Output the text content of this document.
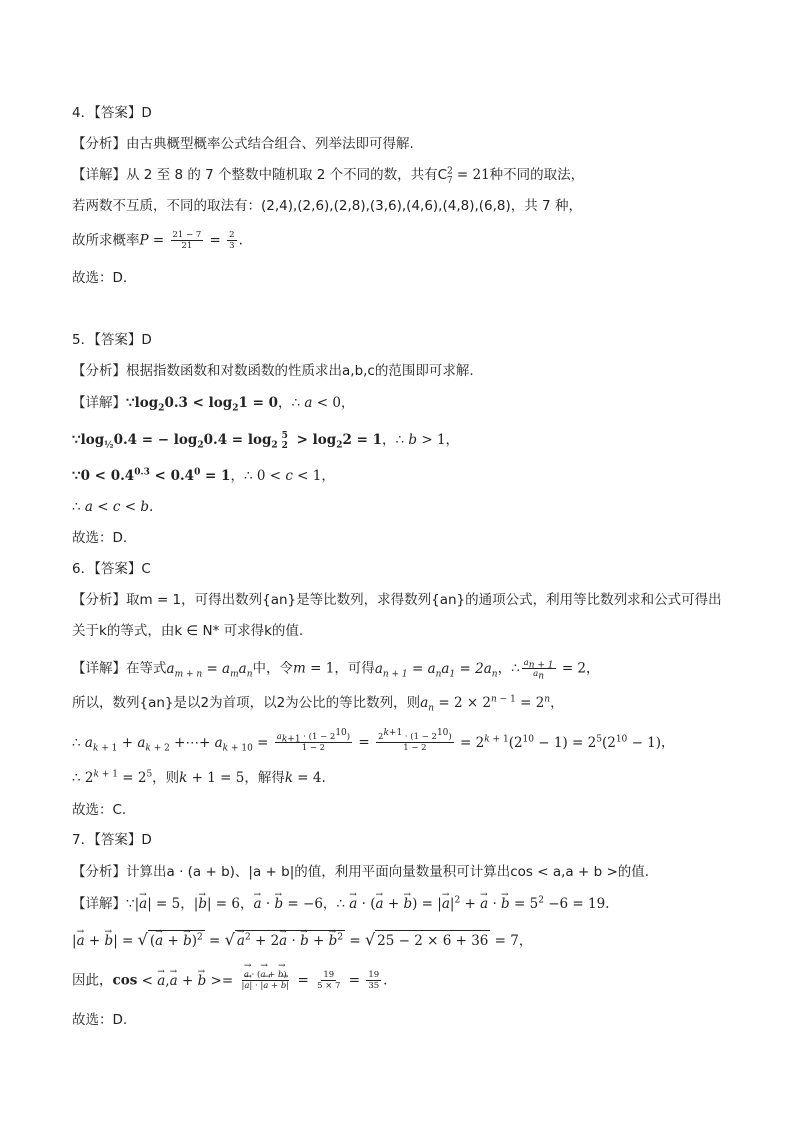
4．【答案】D
【分析】由古典概型概率公式结合组合、列举法即可得解.
【详解】从 2 至 8 的 7 个整数中随机取 2 个不同的数，共有$C^2_7 = 21$种不同的取法，
若两数不互质，不同的取法有：(2,4),(2,6),(2,8),(3,6),(4,6),(4,8),(6,8)，共 7 种，
故所求概率$P = \frac{21 - 7}{21} = \frac{2}{3}$ .
故选：D.
5．【答案】D
【分析】根据指数函数和对数函数的性质求出a,b,c的范围即可求解.
【详解】$\because\log_20.3 < \log_21 = 0$，∴ a < 0，
$\because\log_{\frac{1}{2}}0.4$ = − $\log_20.4 = \log_2$
5
$2 > \log_22 = 1$，∴ b > 1，
∵0 < $0.4^{0.3} < 0.4^0 = 1$，∴ 0 < c < 1，
∴ a < c < b.
故选：D.
6．【答案】C
【分析】取m = 1，可得出数列{an}是等比数列，求得数列{an}的通项公式，利用等比数列求和公式可得出
关于k的等式，由k ∈ N* 可求得k的值.
【详解】在等式$a_{m + n} = a_ma_n$中，令m = 1，可得$a_{n + 1} = a_na_1 = 2a_n$，∴ $\frac{a_{n + 1}}{a_n} = 2$，
所以，数列{an}是以2为首项，以2为公比的等比数列，则$a_n = 2 \times 2^{n - 1} = 2^n$，
∴ $a_{k + 1} + a_{k + 2}$ +⋯+ $a_{k + 10} = \frac{a_{k+1} \cdot (1 - 2^{10})}{1 - 2} = \frac{2^{k+1} \cdot (1 - 2^{10})}{1 - 2} = 2^{k + 1}(2^{10} - 1) = 2^5(2^{10} - 1)$，
∴ $2^{k + 1} = 2^5$，则k + 1 = 5，解得k = 4.
故选：C.
7．【答案】D
【分析】计算出a · (a + b)、|a + b|的值，利用平面向量数量积可计算出cos < a,a + b >的值.
【详解】∵|→ a| = 5，|→ b| = 6，→ a · → b = −6，∴ → a · (→ a + → b) = |→ $a|^2$ + → a · → $b = 5^2 -6 = 19$.
|→ a + → b| = √ (→ a + → b)$^2$ = √ → $a^2 + 2\to a$ · → b + → $b^2$ = √ 25 − 2 × 6 + 36 = 7，
因此，cos < → a,→ a + → b >= → $\frac{a \cdot (\to a + \to b)}{|\to a| \cdot |\to a + \to b|} = \frac{19}{5 \times 7} = \frac{19}{35}$ .
故选：D.
